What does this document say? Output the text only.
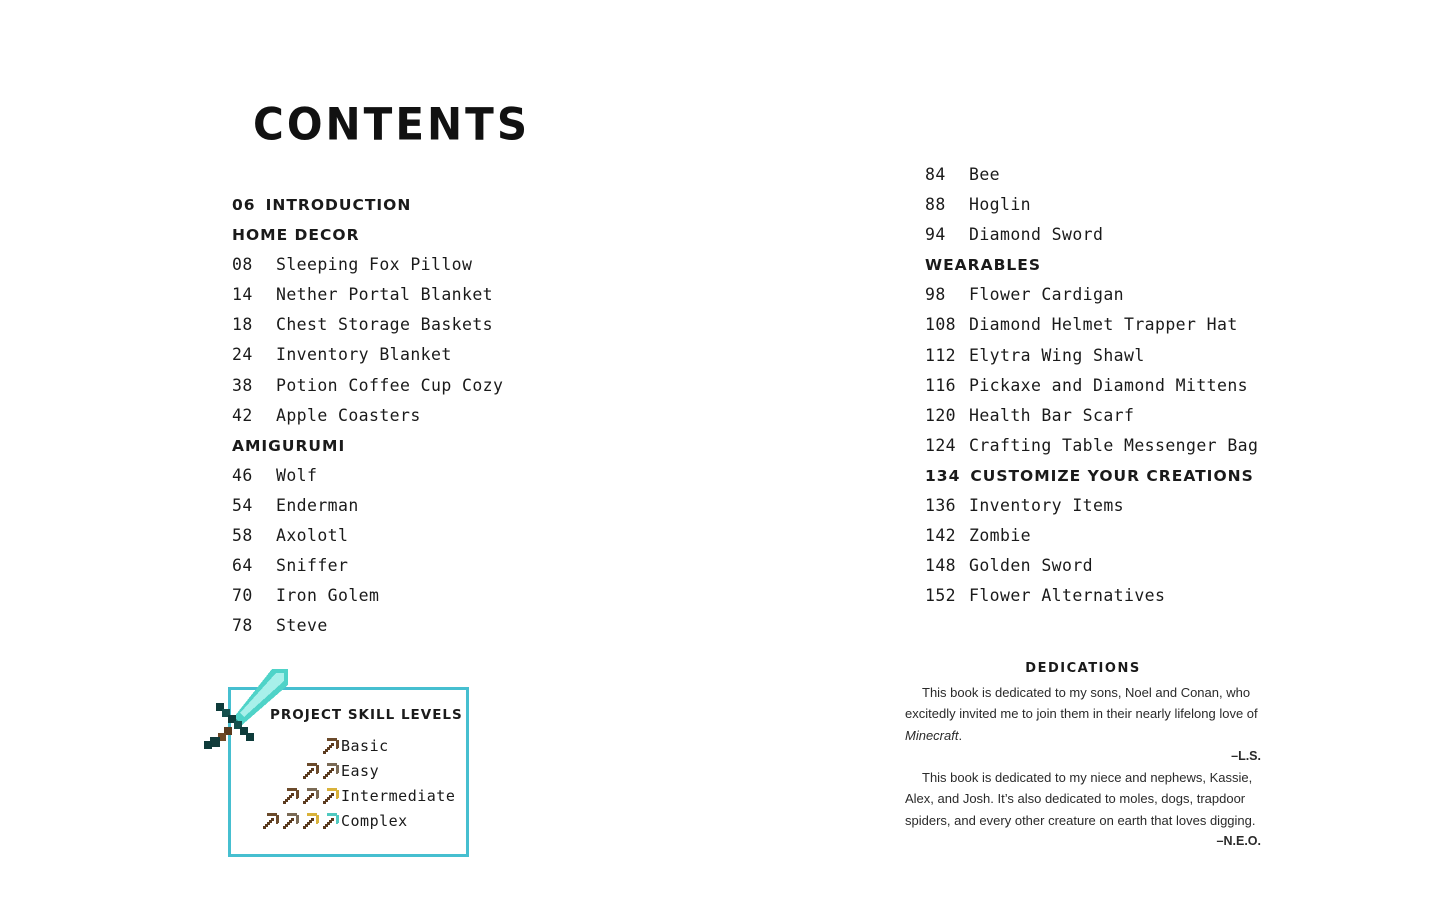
CONTENTS
06 INTRODUCTION
HOME DECOR
08 Sleeping Fox Pillow
14 Nether Portal Blanket
18 Chest Storage Baskets
24 Inventory Blanket
38 Potion Coffee Cup Cozy
42 Apple Coasters
AMIGURUMI
46 Wolf
54 Enderman
58 Axolotl
64 Sniffer
70 Iron Golem
78 Steve
84 Bee
88 Hoglin
94 Diamond Sword
WEARABLES
98 Flower Cardigan
108 Diamond Helmet Trapper Hat
112 Elytra Wing Shawl
116 Pickaxe and Diamond Mittens
120 Health Bar Scarf
124 Crafting Table Messenger Bag
134 CUSTOMIZE YOUR CREATIONS
136 Inventory Items
142 Zombie
148 Golden Sword
152 Flower Alternatives
PROJECT SKILL LEVELS
Basic
Easy
Intermediate
Complex
DEDICATIONS

This book is dedicated to my sons, Noel and Conan, who excitedly invited me to join them in their nearly lifelong love of Minecraft.

–L.S.

This book is dedicated to my niece and nephews, Kassie, Alex, and Josh. It’s also dedicated to moles, dogs, trapdoor spiders, and every other creature on earth that loves digging.

–N.E.O.
